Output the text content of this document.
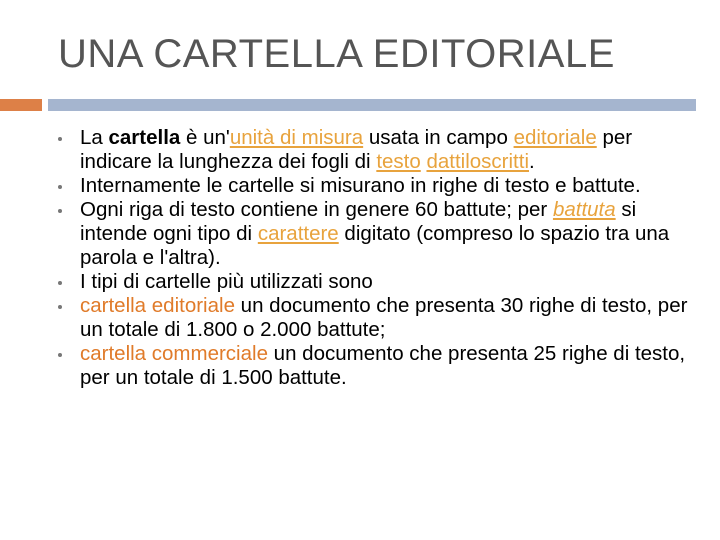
UNA CARTELLA EDITORIALE
La cartella è un'unità di misura usata in campo editoriale per indicare la lunghezza dei fogli di testo dattiloscritti.
Internamente le cartelle si misurano in righe di testo e battute.
Ogni riga di testo contiene in genere 60 battute; per battuta si intende ogni tipo di carattere digitato (compreso lo spazio tra una parola e l'altra).
I tipi di cartelle più utilizzati sono
cartella editoriale un documento che presenta 30 righe di testo, per un totale di 1.800 o 2.000 battute;
cartella commerciale un documento che presenta 25 righe di testo, per un totale di 1.500 battute.
